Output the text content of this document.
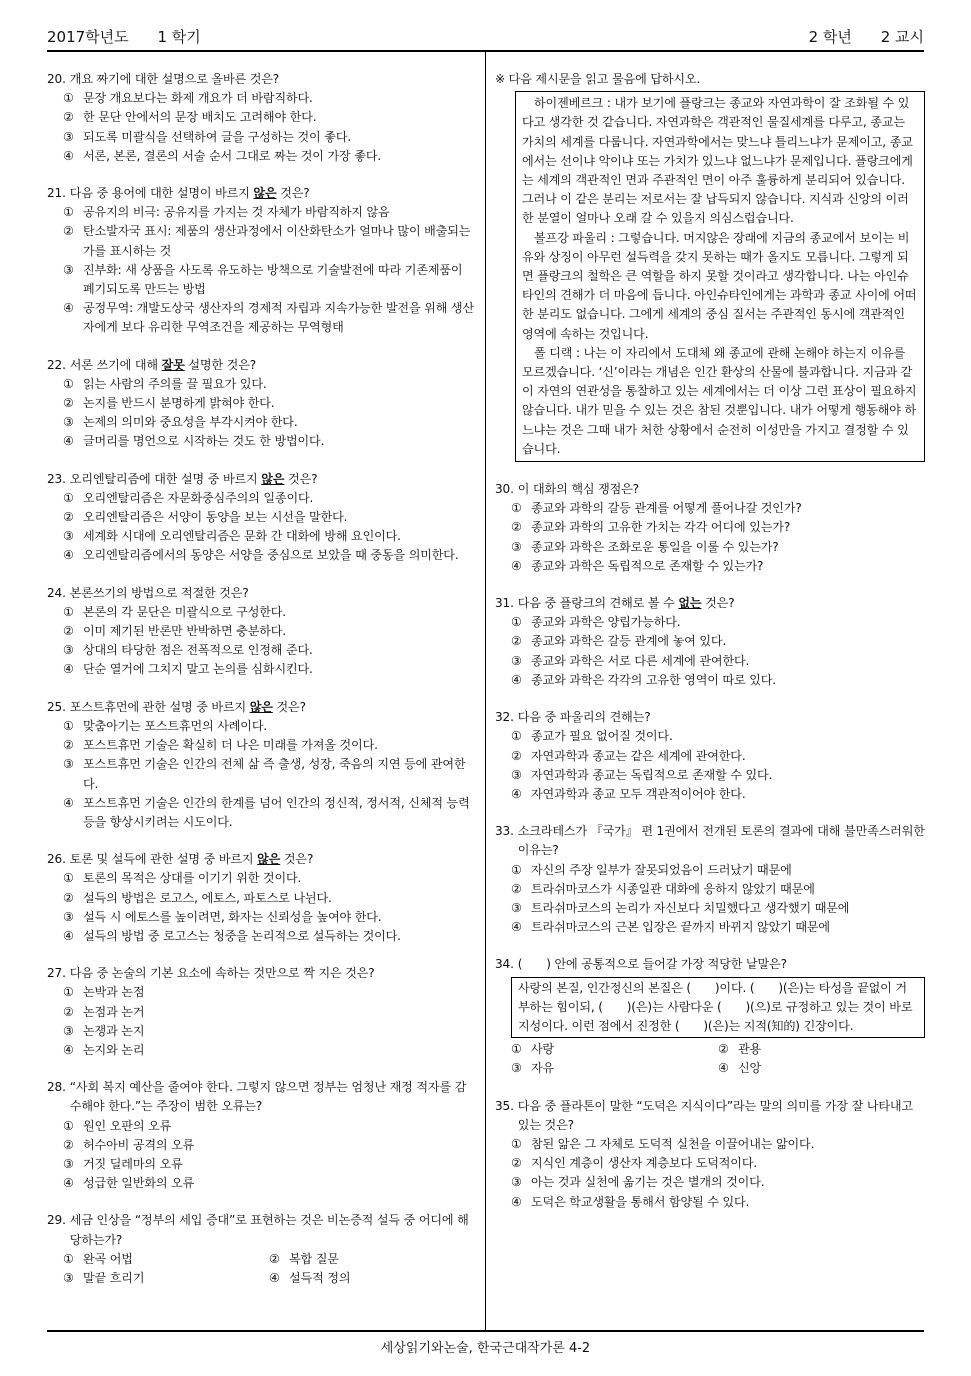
2017학년도 1 학기	2 학년 2 교시
세상읽기와논술, 한국근대작가론 4-2
20. 개요 짜기에 대한 설명으로 올바른 것은?
① 문장 개요보다는 화제 개요가 더 바람직하다.
② 한 문단 안에서의 문장 배치도 고려해야 한다.
③ 되도록 미괄식을 선택하여 글을 구성하는 것이 좋다.
④ 서론, 본론, 결론의 서술 순서 그대로 짜는 것이 가장 좋다.
21. 다음 중 용어에 대한 설명이 바르지 않은 것은?
① 공유지의 비극: 공유지를 가지는 것 자체가 바람직하지 않음
② 탄소발자국 표시: 제품의 생산과정에서 이산화탄소가 얼마나 많이 배출되는가를 표시하는 것
③ 진부화: 새 상품을 사도록 유도하는 방책으로 기술발전에 따라 기존제품이 폐기되도록 만드는 방법
④ 공정무역: 개발도상국 생산자의 경제적 자립과 지속가능한 발전을 위해 생산자에게 보다 유리한 무역조건을 제공하는 무역형태
22. 서론 쓰기에 대해 잘못 설명한 것은?
① 읽는 사람의 주의를 끌 필요가 있다.
② 논지를 반드시 분명하게 밝혀야 한다.
③ 논제의 의미와 중요성을 부각시켜야 한다.
④ 글머리를 명언으로 시작하는 것도 한 방법이다.
23. 오리엔탈리즘에 대한 설명 중 바르지 않은 것은?
① 오리엔탈리즘은 자문화중심주의의 일종이다.
② 오리엔탈리즘은 서양이 동양을 보는 시선을 말한다.
③ 세계화 시대에 오리엔탈리즘은 문화 간 대화에 방해 요인이다.
④ 오리엔탈리즘에서의 동양은 서양을 중심으로 보았을 때 중동을 의미한다.
24. 본론쓰기의 방법으로 적절한 것은?
① 본론의 각 문단은 미괄식으로 구성한다.
② 이미 제기된 반론만 반박하면 충분하다.
③ 상대의 타당한 점은 전폭적으로 인정해 준다.
④ 단순 열거에 그치지 말고 논의를 심화시킨다.
25. 포스트휴먼에 관한 설명 중 바르지 않은 것은?
① 맞춤아기는 포스트휴먼의 사례이다.
② 포스트휴먼 기술은 확실히 더 나은 미래를 가져올 것이다.
③ 포스트휴먼 기술은 인간의 전체 삶 즉 출생, 성장, 죽음의 지연 등에 관여한다.
④ 포스트휴먼 기술은 인간의 한계를 넘어 인간의 정신적, 정서적, 신체적 능력 등을 향상시키려는 시도이다.
26. 토론 및 설득에 관한 설명 중 바르지 않은 것은?
① 토론의 목적은 상대를 이기기 위한 것이다.
② 설득의 방법은 로고스, 에토스, 파토스로 나뉜다.
③ 설득 시 에토스를 높이려면, 화자는 신뢰성을 높여야 한다.
④ 설득의 방법 중 로고스는 청중을 논리적으로 설득하는 것이다.
27. 다음 중 논술의 기본 요소에 속하는 것만으로 짝 지은 것은?
① 논박과 논점
② 논점과 논거
③ 논쟁과 논지
④ 논지와 논리
28. “사회 복지 예산을 줄여야 한다. 그렇지 않으면 정부는 엄청난 재정 적자를 감수해야 한다.”는 주장이 범한 오류는?
① 원인 오판의 오류
② 허수아비 공격의 오류
③ 거짓 딜레마의 오류
④ 성급한 일반화의 오류
29. 세금 인상을 “정부의 세입 증대”로 표현하는 것은 비논증적 설득 중 어디에 해당하는가?
① 완곡 어법	② 복합 질문
③ 말끝 흐리기	④ 설득적 정의
※ 다음 제시문을 읽고 물음에 답하시오.

하이젠베르크 : 내가 보기에 플랑크는 종교와 자연과학이 잘 조화될 수 있다고 생각한 것 같습니다. 자연과학은 객관적인 물질세계를 다루고, 종교는 가치의 세계를 다룹니다. 자연과학에서는 맞느냐 틀리느냐가 문제이고, 종교에서는 선이냐 악이냐 또는 가치가 있느냐 없느냐가 문제입니다. 플랑크에게는 세계의 객관적인 면과 주관적인 면이 아주 훌륭하게 분리되어 있습니다. 그러나 이 같은 분리는 저로서는 잘 납득되지 않습니다. 지식과 신앙의 이러한 분열이 얼마나 오래 갈 수 있을지 의심스럽습니다.

볼프강 파울리 : 그렇습니다. 머지않은 장래에 지금의 종교에서 보이는 비유와 상징이 아무런 설득력을 갖지 못하는 때가 올지도 모릅니다. 그렇게 되면 플랑크의 철학은 큰 역할을 하지 못할 것이라고 생각합니다. 나는 아인슈타인의 견해가 더 마음에 듭니다. 아인슈타인에게는 과학과 종교 사이에 어떠한 분리도 없습니다. 그에게 세계의 중심 질서는 주관적인 동시에 객관적인 영역에 속하는 것입니다.

폴 디랙 : 나는 이 자리에서 도대체 왜 종교에 관해 논해야 하는지 이유를 모르겠습니다. ‘신’이라는 개념은 인간 환상의 산물에 불과합니다. 지금과 같이 자연의 연관성을 통찰하고 있는 세계에서는 더 이상 그런 표상이 필요하지 않습니다. 내가 믿을 수 있는 것은 참된 것뿐입니다. 내가 어떻게 행동해야 하느냐는 것은 그때 내가 처한 상황에서 순전히 이성만을 가지고 결정할 수 있습니다.

30. 이 대화의 핵심 쟁점은?
① 종교와 과학의 갈등 관계를 어떻게 풀어나갈 것인가?
② 종교와 과학의 고유한 가치는 각각 어디에 있는가?
③ 종교와 과학은 조화로운 통일을 이룰 수 있는가?
④ 종교와 과학은 독립적으로 존재할 수 있는가?
31. 다음 중 플랑크의 견해로 볼 수 없는 것은?
① 종교와 과학은 양립가능하다.
② 종교와 과학은 갈등 관계에 놓여 있다.
③ 종교와 과학은 서로 다른 세계에 관여한다.
④ 종교와 과학은 각각의 고유한 영역이 따로 있다.
32. 다음 중 파울리의 견해는?
① 종교가 필요 없어질 것이다.
② 자연과학과 종교는 같은 세계에 관여한다.
③ 자연과학과 종교는 독립적으로 존재할 수 있다.
④ 자연과학과 종교 모두 객관적이어야 한다.
33. 소크라테스가 『국가』 편 1권에서 전개된 토론의 결과에 대해 불만족스러워한 이유는?
① 자신의 주장 일부가 잘못되었음이 드러났기 때문에
② 트라쉬마코스가 시종일관 대화에 응하지 않았기 때문에
③ 트라쉬마코스의 논리가 자신보다 치밀했다고 생각했기 때문에
④ 트라쉬마코스의 근본 입장은 끝까지 바뀌지 않았기 때문에
34. (　　) 안에 공통적으로 들어갈 가장 적당한 낱말은?
사랑의 본질, 인간정신의 본질은 (　　)이다. (　　)(은)는 타성을 끝없이 거부하는 힘이되, (　　)(은)는 사람다운 (　　)(으)로 규정하고 있는 것이 바로 지성이다. 이런 점에서 진정한 (　　)(은)는 지적(知的) 긴장이다.
① 사랑	② 관용
③ 자유	④ 신앙
35. 다음 중 플라톤이 말한 “도덕은 지식이다”라는 말의 의미를 가장 잘 나타내고 있는 것은?
① 참된 앎은 그 자체로 도덕적 실천을 이끌어내는 앎이다.
② 지식인 계층이 생산자 계층보다 도덕적이다.
③ 아는 것과 실천에 옮기는 것은 별개의 것이다.
④ 도덕은 학교생활을 통해서 함양될 수 있다.
